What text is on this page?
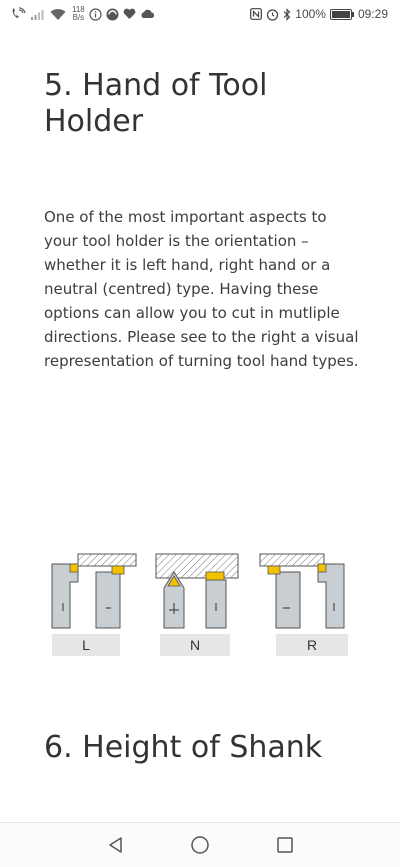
118
B/s	100%	09:29
5. Hand of Tool Holder

One of the most important aspects to your tool holder is the orientation – whether it is left hand, right hand or a neutral (centred) type. Having these options can allow you to cut in mutliple directions. Please see to the right a visual representation of turning tool hand types.

L	N	R
6. Height of Shank
